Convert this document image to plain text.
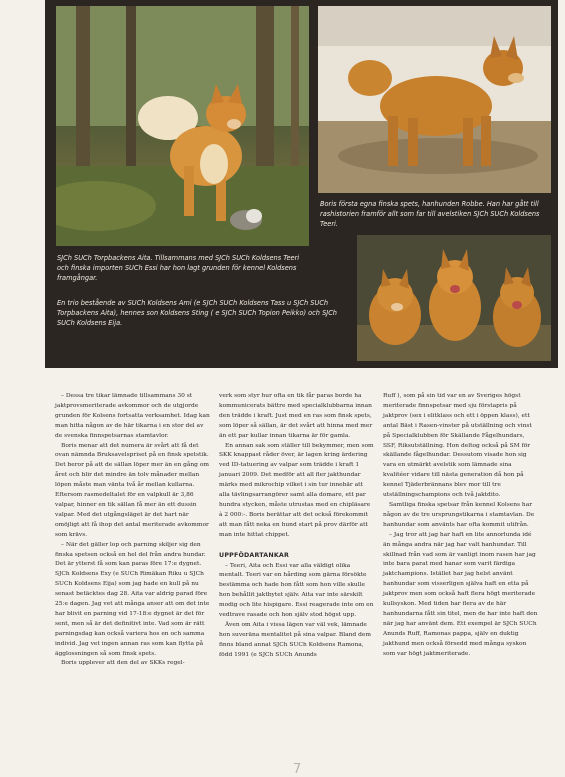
SJCh SUCh Torpbackens Aita. Tillsammans med SJCh SUCh Koldsens Teeri och finska importen SUCh Essi har hon lagt grunden för kennel Koldsens framgångar.

En trio bestående av SUCh Koldsens Ami (e SJCh SUCh Koldsens Tass u SJCh SUCh Torpbackens Aita), hennes son Koldsens Sting ( e SJCh SUCh Topion Peikko) och SJCh SUCh Koldsens Eija.

Boris första egna finska spets, hanhunden Robbe. Han har gått till rashistorien framför allt som far till avelstiken SJCh SUCh Koldsens Teeri.

– Dessa tre tikar lämnade tillsammans 30 st jaktprovsmeriterade avkommor och de utgjorde grunden för Kolsens fortsatta verksamhet. Idag kan man hitta någon av de här tikarna i en stor del av de svenska finnspetsarnas stamtavlor.

Boris menar att det numera är svårt att få det ovan nämnda Bruksavelspriset på en finsk spetstik. Det beror på att de sällan löper mer än en gång om året och blir det mindre än tolv månader mellan löpen måste man vänta två år mellan kullarna. Eftersom rasmedeltalet för en valpkull är 3,86 valpar, hinner en tik sällan få mer än ett dussin valpar. Med det utgångsläget är det hart när omöjligt att få ihop det antal meriterade avkommor som krävs.

– När det gäller lop och parning skiljer sig den finska spetsen också en hel del från andra hundar. Det är ytterst få som kan paras före 17:e dygnet. SJCh Koldsens Exy (e SUCh Rimäkan Riku u SJCh SUCh Koldsens Eija) som jag hade en kull på nu senast betäcktes dag 28. Aita var aldrig parad före 25:e dagen. Jag vet att många anser att om det inte har blivit en parning vid 17-18:e dygnet är det för sent, men så är det definitivt inte. Vad som är rätt parningsdag kan också variera hos en och samma individ. Jag vet ingen annan ras som kan flytta på ägglossningen så som finsk spets.

Boris upplever att den del av SKKs regel-

verk som styr hur ofta en tik får paras borde ha kommunicerats bättre med specialklubbarna innan den trädde i kraft. Just med en ras som finsk spets, som löper så sällan, är det svårt att hinna med mer än ett par kullar innan tikarna är för gamla.

En annan sak som ställer till bekymmer, men som SKK knappast råder över, är lagen kring ärdering ved ID-tatuering av valpar som trädde i kraft 1 januari 2009. Det medför att all fler jakthundar märks med mikrochip vilket i sin tur innebär att alla tävlingsarrangörer samt alla domare, ett par hundra stycken, måste utrustas med en chipläsare à 2 000:-. Boris berättar att det också förekommit att man fått neka en hund start på prov därför att man inte hittat chippet.

UPPFÖDARTANKAR

– Teeri, Aita och Essi var alla väldigt olika mentalt. Teeri var en hårding som gärna försökte bestämma och hade hon fått som hon ville skulle hon behållit jaktbytet själv. Aita var inte särskilt modig och lite hispigare. Essi reagerade inte om en vedtrave rasade och hon själv stod högst upp.

Även om Aita i vissa lägen var väl vek, lämnade hon suveräna mentalitet på sina valpar. Bland dem finns bland annat SJCh SUCh Koldsens Ramona, född 1991 (e SJCh SUCh Anunds

Ruff ), som på sin tid var en av Sveriges högst meriterade finnspetsar med sju förstapris på jaktprov (sex i elitklass och ett i öppen klass), ett antal Bäst i Rasen-vinster på utställning och vinst på Specialklubben för Skällande Fågelhundars, SSF, Riksutställning. Hon deltog också på SM för skällande fågelhundar. Dessutom visade hon sig vara en utmärkt avelstik som lämnade sina kvalitéer vidare till nästa generation då hon på kennel Tjäderbrännans blev mor till tre utställningschampions och två jaktdito.

Samtliga finska spetsar från kennel Kolsens har någon av de tre ursprungstikarna i stamtavlan. De hanhundar som använts har ofta kommit utifrån.

– Jag tror att jag har haft en lite annorlunda idé än många andra när jag har valt hanhundar. Till skillnad från vad som är vanligt inom rasen har jag inte bara parat med hanar som varit färdiga jaktchampions. Istället har jag helst använt hanhundar som visserligen själva haft en etta på jaktprov men som också haft flera högt meriterade kullsyskon. Med tiden har flera av de här hanhundarna fått sin titel, men de har inte haft den när jag har använt dem. Ett exempel är SJCh SUCh Anunds Ruff, Ramonas pappa, själv en duktig jakthund men också försedd med många syskon som var högt jaktmeriterade.

7
